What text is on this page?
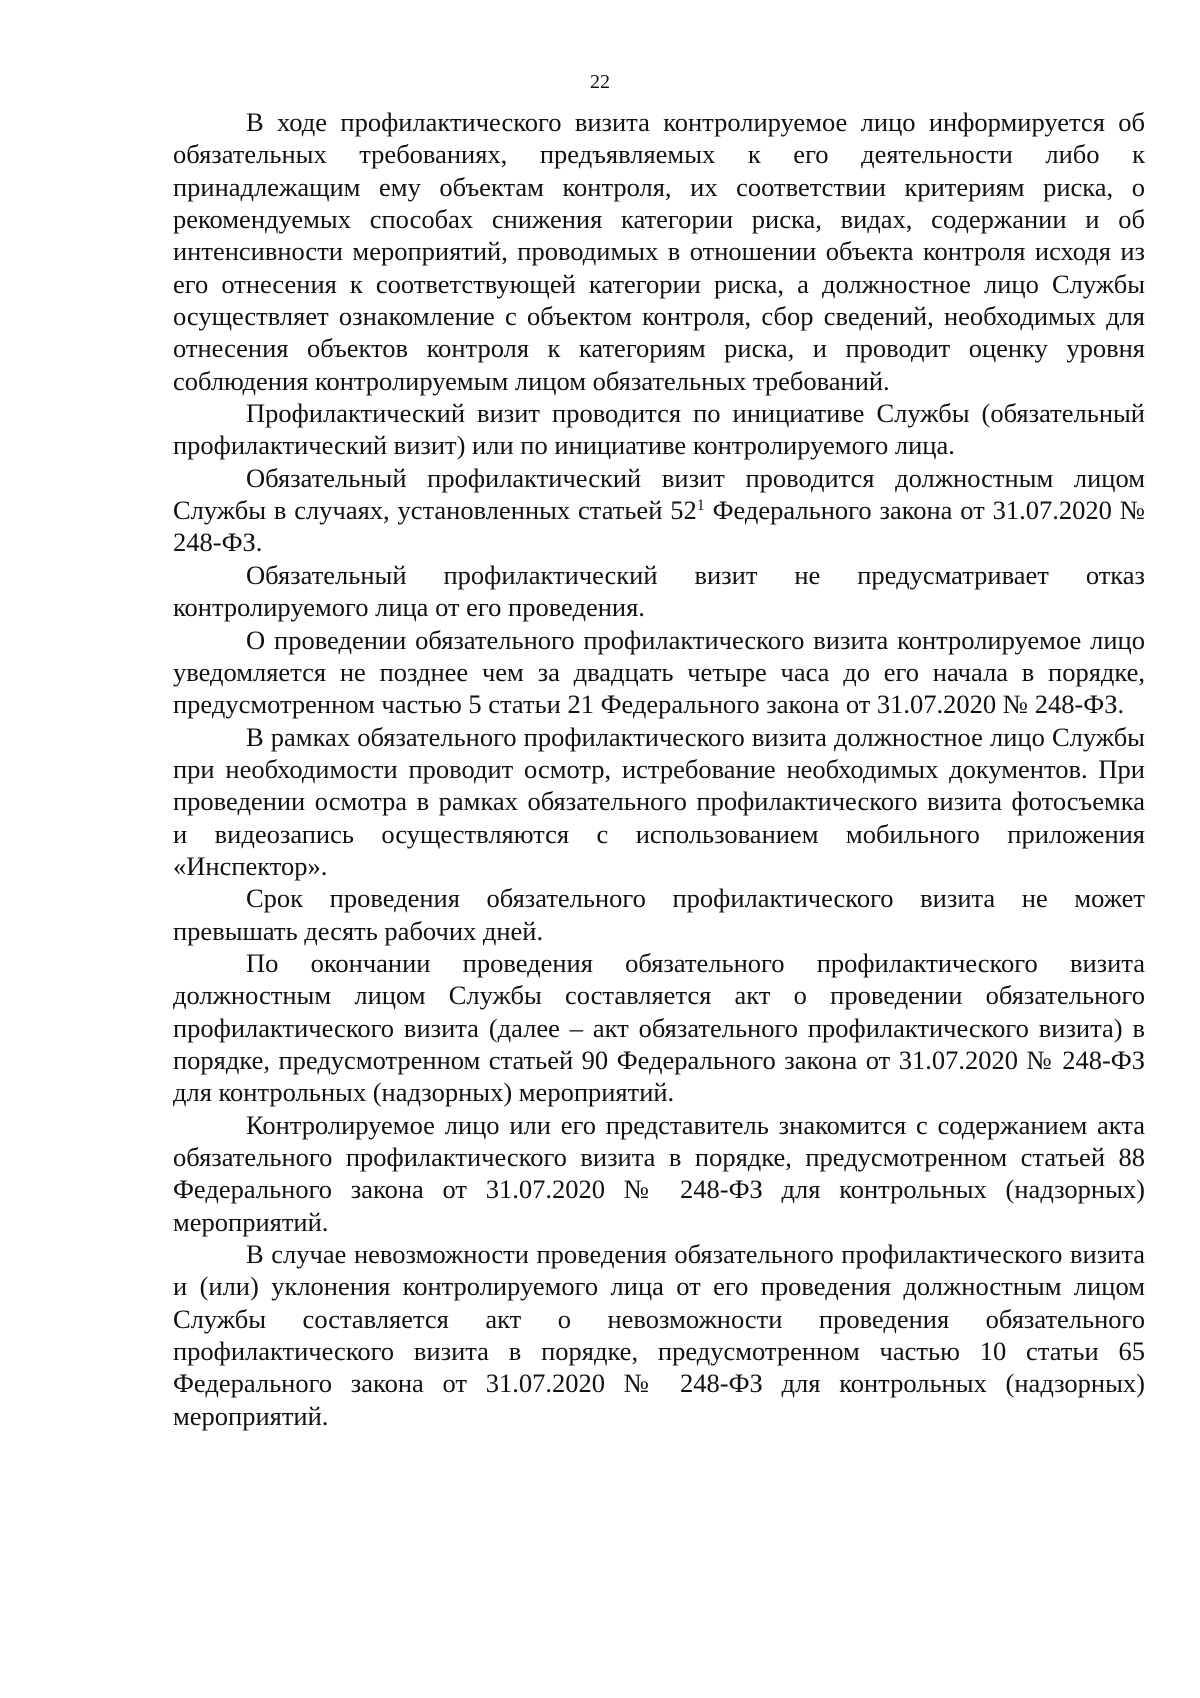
22

В ходе профилактического визита контролируемое лицо информируется об обязательных требованиях, предъявляемых к его деятельности либо к принадлежащим ему объектам контроля, их соответствии критериям риска, о рекомендуемых способах снижения категории риска, видах, содержании и об интенсивности мероприятий, проводимых в отношении объекта контроля исходя из его отнесения к соответствующей категории риска, а должностное лицо Службы осуществляет ознакомление с объектом контроля, сбор сведений, необходимых для отнесения объектов контроля к категориям риска, и проводит оценку уровня соблюдения контролируемым лицом обязательных требований.

Профилактический визит проводится по инициативе Службы (обязательный профилактический визит) или по инициативе контролируемого лица.

Обязательный профилактический визит проводится должностным лицом Службы в случаях, установленных статьей $52^1$ Федерального закона от 31.07.2020 № 248-ФЗ.

Обязательный профилактический визит не предусматривает отказ контролируемого лица от его проведения.

О проведении обязательного профилактического визита контролируемое лицо уведомляется не позднее чем за двадцать четыре часа до его начала в порядке, предусмотренном частью 5 статьи 21 Федерального закона от 31.07.2020 № 248-ФЗ.

В рамках обязательного профилактического визита должностное лицо Службы при необходимости проводит осмотр, истребование необходимых документов. При проведении осмотра в рамках обязательного профилактического визита фотосъемка и видеозапись осуществляются с использованием мобильного приложения «Инспектор».

Срок проведения обязательного профилактического визита не может превышать десять рабочих дней.

По окончании проведения обязательного профилактического визита должностным лицом Службы составляется акт о проведении обязательного профилактического визита (далее – акт обязательного профилактического визита) в порядке, предусмотренном статьей 90 Федерального закона от 31.07.2020 № 248-ФЗ для контрольных (надзорных) мероприятий.

Контролируемое лицо или его представитель знакомится с содержанием акта обязательного профилактического визита в порядке, предусмотренном статьей 88 Федерального закона от 31.07.2020 № 248-ФЗ для контрольных (надзорных) мероприятий.

В случае невозможности проведения обязательного профилактического визита и (или) уклонения контролируемого лица от его проведения должностным лицом Службы составляется акт о невозможности проведения обязательного профилактического визита в порядке, предусмотренном частью 10 статьи 65 Федерального закона от 31.07.2020 № 248-ФЗ для контрольных (надзорных) мероприятий.
